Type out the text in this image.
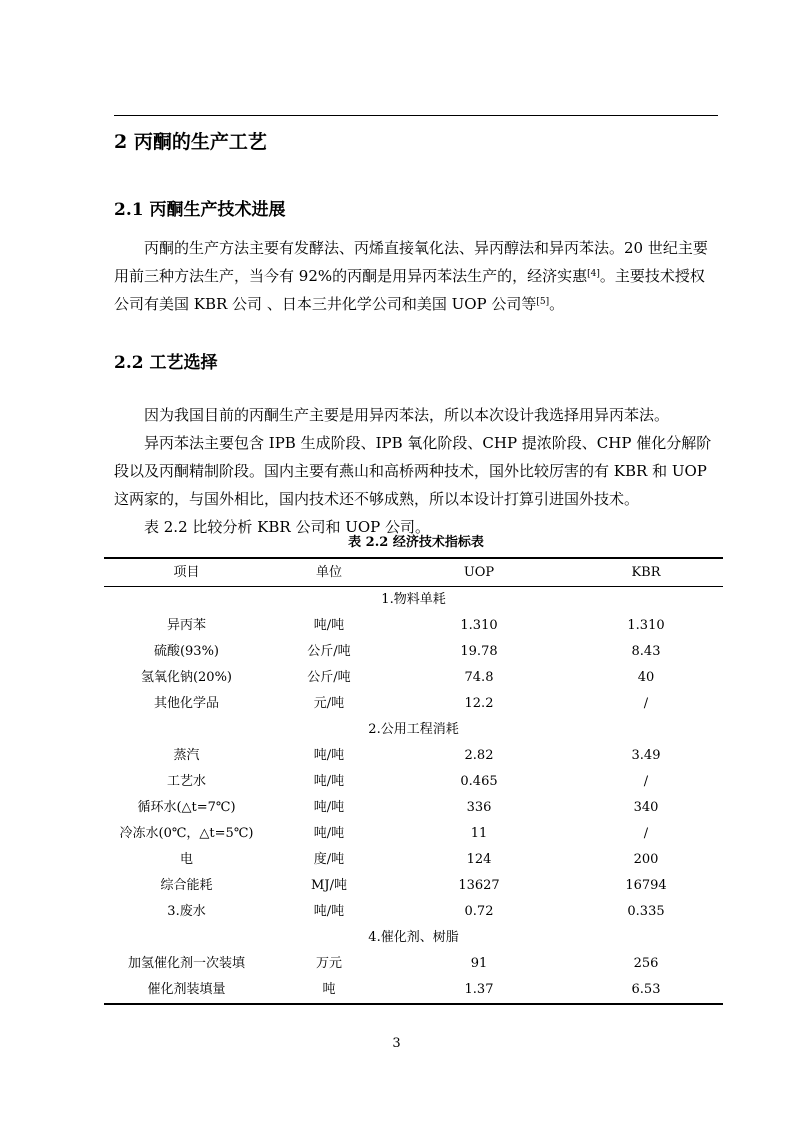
2 丙酮的生产工艺
2.1 丙酮生产技术进展

丙酮的生产方法主要有发酵法、丙烯直接氧化法、异丙醇法和异丙苯法。20 世纪主要用前三种方法生产，当今有 92%的丙酮是用异丙苯法生产的，经济实惠[4]。主要技术授权公司有美国 KBR 公司 、日本三井化学公司和美国 UOP 公司等[5]。

2.2 工艺选择

因为我国目前的丙酮生产主要是用异丙苯法，所以本次设计我选择用异丙苯法。

异丙苯法主要包含 IPB 生成阶段、IPB 氧化阶段、CHP 提浓阶段、CHP 催化分解阶段以及丙酮精制阶段。国内主要有燕山和高桥两种技术，国外比较厉害的有 KBR 和 UOP 这两家的，与国外相比，国内技术还不够成熟，所以本设计打算引进国外技术。

表 2.2 比较分析 KBR 公司和 UOP 公司。

表 2.2 经济技术指标表
项目	单位	UOP	KBR
1.物料单耗			
异丙苯	吨/吨	1.310	1.310
硫酸(93%)	公斤/吨	19.78	8.43
氢氧化钠(20%)	公斤/吨	74.8	40
其他化学品	元/吨	12.2	/
2.公用工程消耗			
蒸汽	吨/吨	2.82	3.49
工艺水	吨/吨	0.465	/
循环水(△t=7℃)	吨/吨	336	340
冷冻水(0℃，△t=5℃)	吨/吨	11	/
电	度/吨	124	200
综合能耗	MJ/吨	13627	16794
3.废水	吨/吨	0.72	0.335
4.催化剂、树脂			
加氢催化剂一次装填	万元	91	256
催化剂装填量	吨	1.37	6.53
3
